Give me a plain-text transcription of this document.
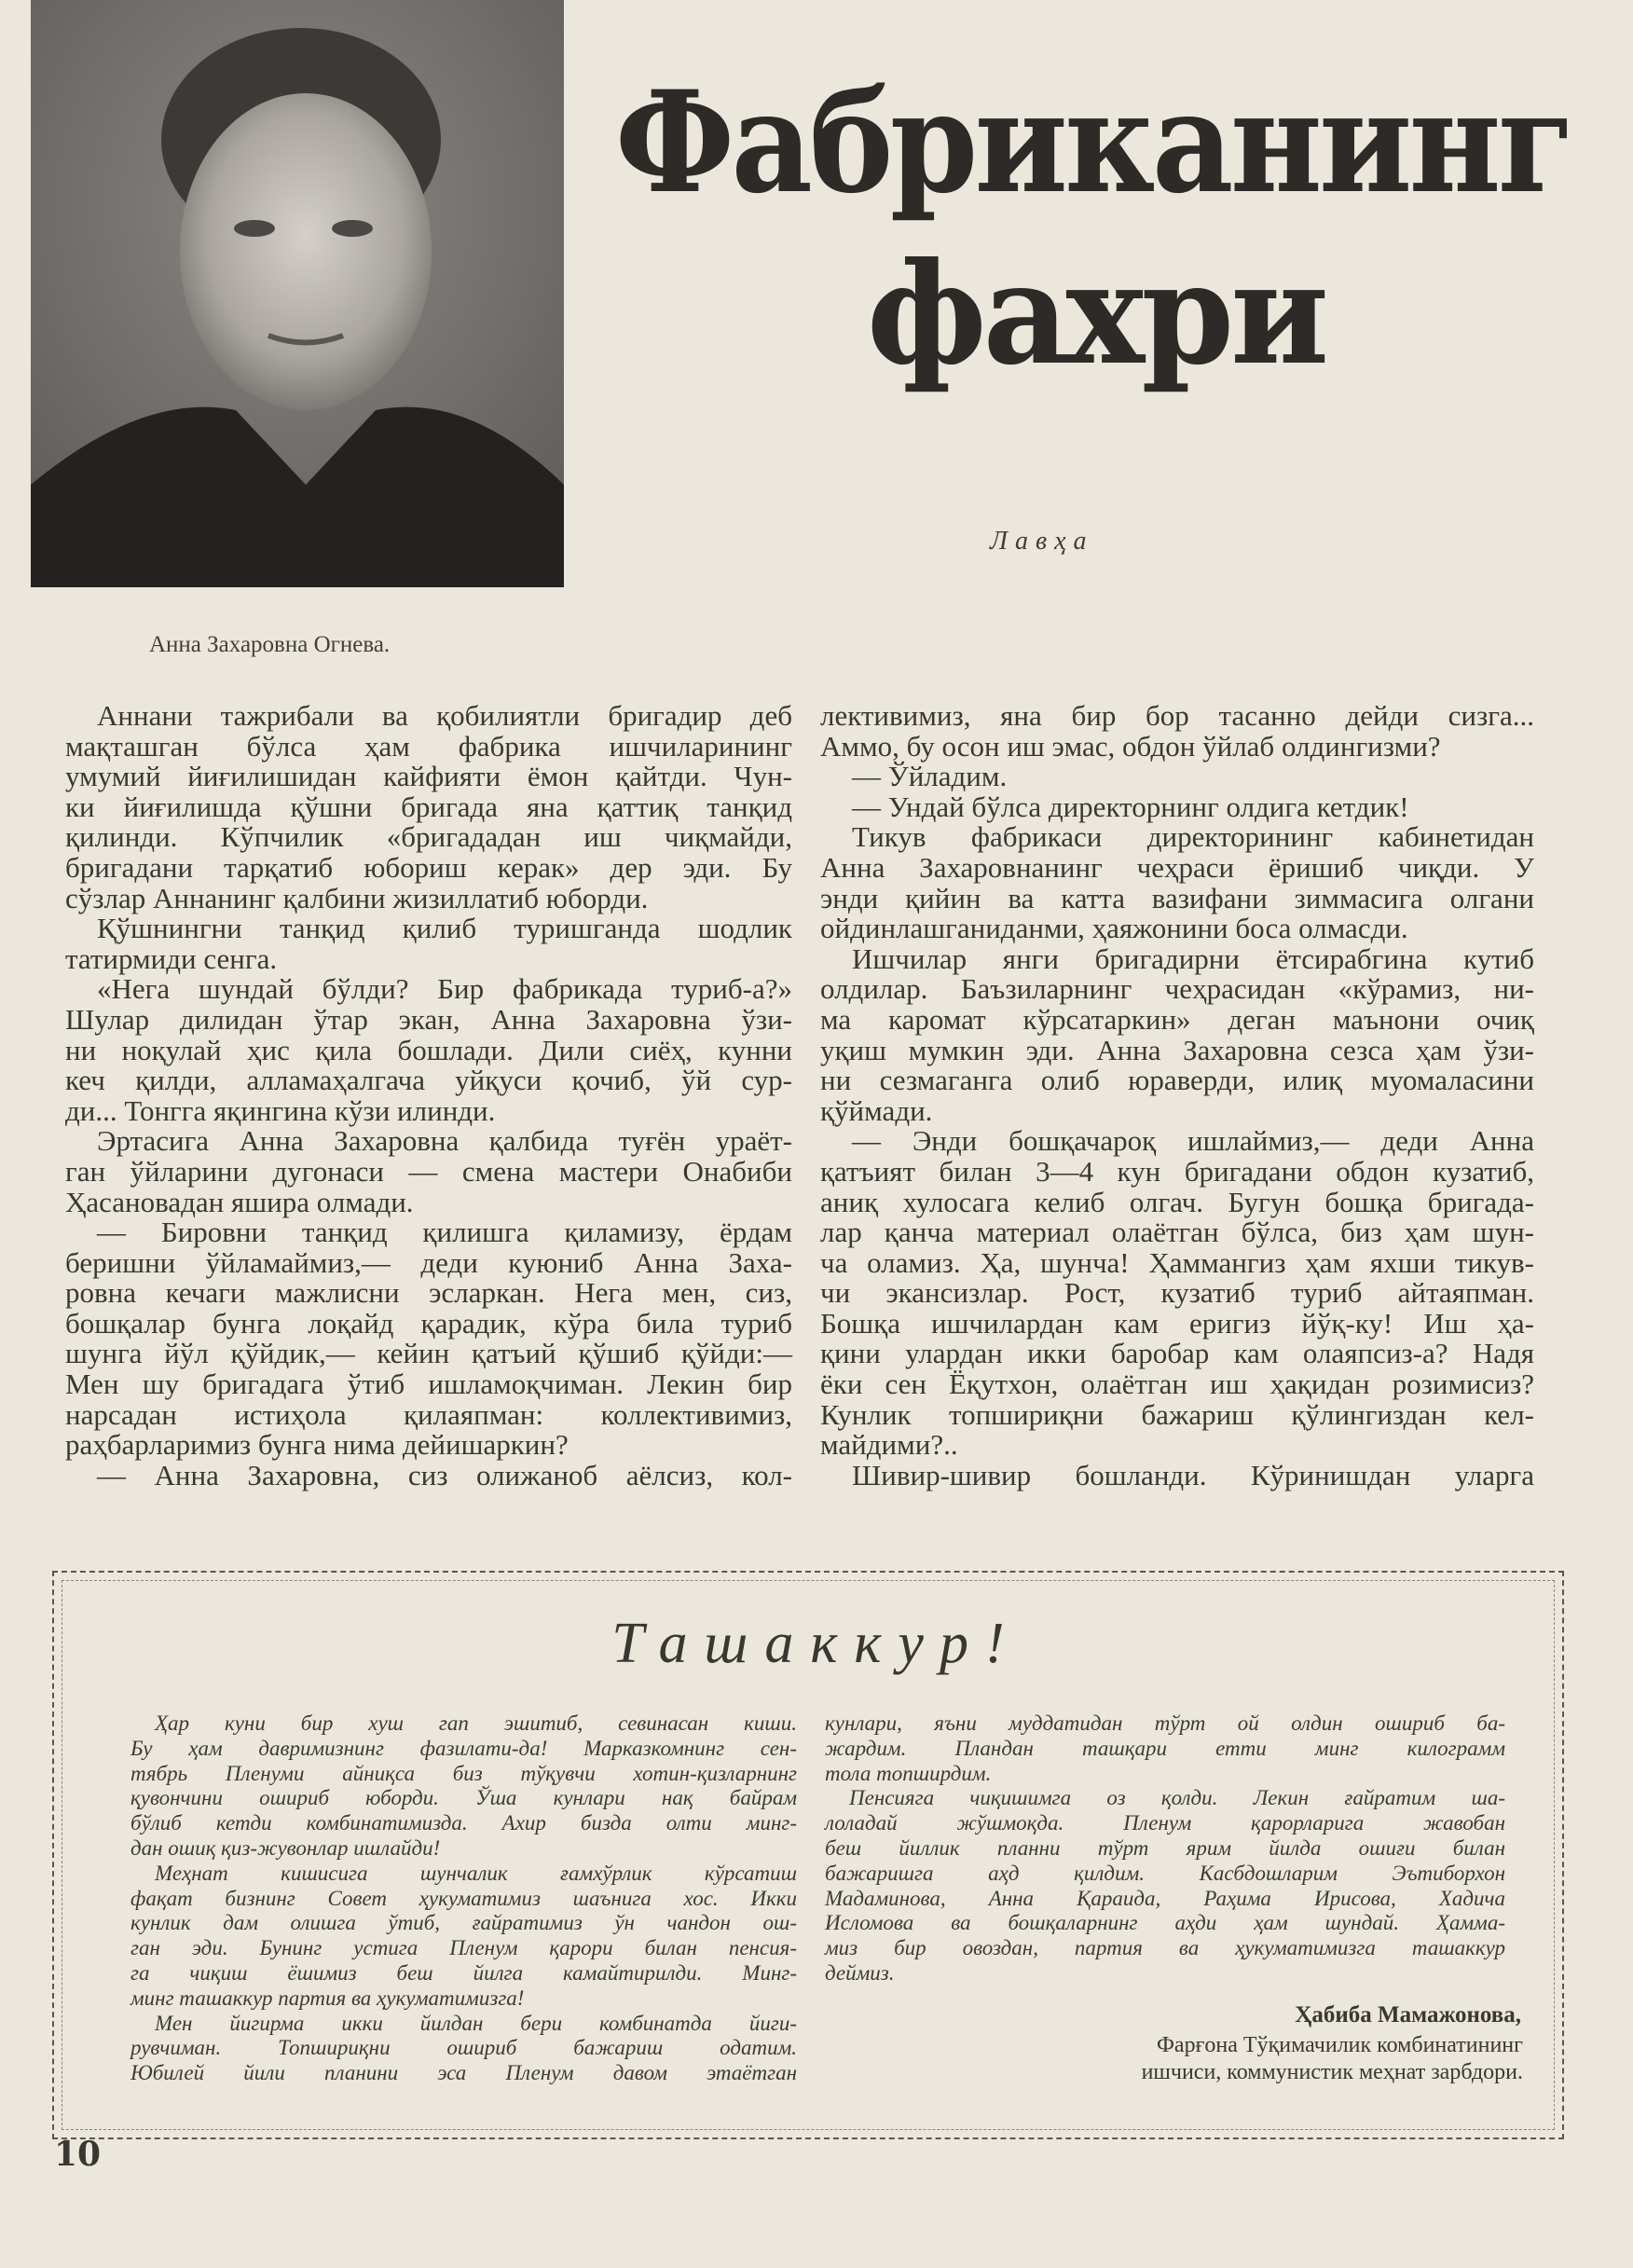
Анна Захаровна Огнева.
Фабриканинг
фахри
Лавҳа
Аннани тажрибали ва қобилиятли бригадир деб
мақташган бўлса ҳам фабрика ишчиларининг
умумий йиғилишидан кайфияти ёмон қайтди. Чун-
ки йиғилишда қўшни бригада яна қаттиқ танқид
қилинди. Кўпчилик «бригададан иш чиқмайди,
бригадани тарқатиб юбориш керак» дер эди. Бу
сўзлар Аннанинг қалбини жизиллатиб юборди.
Қўшнингни танқид қилиб туришганда шодлик
татирмиди сенга.
«Нега шундай бўлди? Бир фабрикада туриб-а?»
Шулар дилидан ўтар экан, Анна Захаровна ўзи-
ни ноқулай ҳис қила бошлади. Дили сиёҳ, кунни
кеч қилди, алламаҳалгача уйқуси қочиб, ўй сур-
ди... Тонгга яқингина кўзи илинди.
Эртасига Анна Захаровна қалбида туғён ураёт-
ган ўйларини дугонаси — смена мастери Онабиби
Ҳасановадан яшира олмади.
— Бировни танқид қилишга қиламизу, ёрдам
беришни ўйламаймиз,— деди куюниб Анна Заха-
ровна кечаги мажлисни эсларкан. Нега мен, сиз,
бошқалар бунга лоқайд қарадик, кўра била туриб
шунга йўл қўйдик,— кейин қатъий қўшиб қўйди:—
Мен шу бригадага ўтиб ишламоқчиман. Лекин бир
нарсадан истиҳола қилаяпман: коллективимиз,
раҳбарларимиз бунга нима дейишаркин?
— Анна Захаровна, сиз олижаноб аёлсиз, кол-
лективимиз, яна бир бор тасанно дейди сизга...
Аммо, бу осон иш эмас, обдон ўйлаб олдингизми?
— Ўйладим.
— Ундай бўлса директорнинг олдига кетдик!
Тикув фабрикаси директорининг кабинетидан
Анна Захаровнанинг чеҳраси ёришиб чиқди. У
энди қийин ва катта вазифани зиммасига олгани
ойдинлашганиданми, ҳаяжонини боса олмасди.
Ишчилар янги бригадирни ётсирабгина кутиб
олдилар. Баъзиларнинг чеҳрасидан «кўрамиз, ни-
ма каромат кўрсатаркин» деган маънони очиқ
уқиш мумкин эди. Анна Захаровна сезса ҳам ўзи-
ни сезмаганга олиб юраверди, илиқ муомаласини
қўймади.
— Энди бошқачароқ ишлаймиз,— деди Анна
қатъият билан 3—4 кун бригадани обдон кузатиб,
аниқ хулосага келиб олгач. Бугун бошқа бригада-
лар қанча материал олаётган бўлса, биз ҳам шун-
ча оламиз. Ҳа, шунча! Ҳаммангиз ҳам яхши тикув-
чи экансизлар. Рост, кузатиб туриб айтаяпман.
Бошқа ишчилардан кам еригиз йўқ-ку! Иш ҳа-
қини улардан икки баробар кам олаяпсиз-а? Надя
ёки сен Ёқутхон, олаётган иш ҳақидан розимисиз?
Кунлик топшириқни бажариш қўлингиздан кел-
майдими?..
Шивир-шивир бошланди. Кўринишдан уларга
Ташаккур!
Ҳар куни бир хуш гап эшитиб, севинасан киши.
Бу ҳам давримизнинг фазилати-да! Марказкомнинг сен-
тябрь Пленуми айниқса биз тўқувчи хотин-қизларнинг
қувончини ошириб юборди. Ўша кунлари нақ байрам
бўлиб кетди комбинатимизда. Ахир бизда олти минг-
дан ошиқ қиз-жувонлар ишлайди!
Меҳнат кишисига шунчалик ғамхўрлик кўрсатиш
фақат бизнинг Совет ҳукуматимиз шаънига хос. Икки
кунлик дам олишга ўтиб, ғайратимиз ўн чандон ош-
ган эди. Бунинг устига Пленум қарори билан пенсия-
га чиқиш ёшимиз беш йилга камайтирилди. Минг-
минг ташаккур партия ва ҳукуматимизга!
Мен йигирма икки йилдан бери комбинатда йиги-
рувчиман. Топшириқни ошириб бажариш одатим.
Юбилей йили планини эса Пленум давом этаётган
кунлари, яъни муддатидан тўрт ой олдин ошириб ба-
жардим. Пландан ташқари етти минг килограмм
тола топширдим.
Пенсияга чиқишимга оз қолди. Лекин ғайратим ша-
лоладай жўшмоқда. Пленум қарорларига жавобан
беш йиллик планни тўрт ярим йилда ошиғи билан
бажаришга аҳд қилдим. Касбдошларим Эътиборхон
Мадаминова, Анна Қараида, Раҳима Ирисова, Хадича
Исломова ва бошқаларнинг аҳди ҳам шундай. Ҳамма-
миз бир овоздан, партия ва ҳукуматимизга ташаккур
деймиз.
Ҳабиба Мамажонова,
Фарғона Тўқимачилик комбинатининг
ишчиси, коммунистик меҳнат зарбдори.
10
